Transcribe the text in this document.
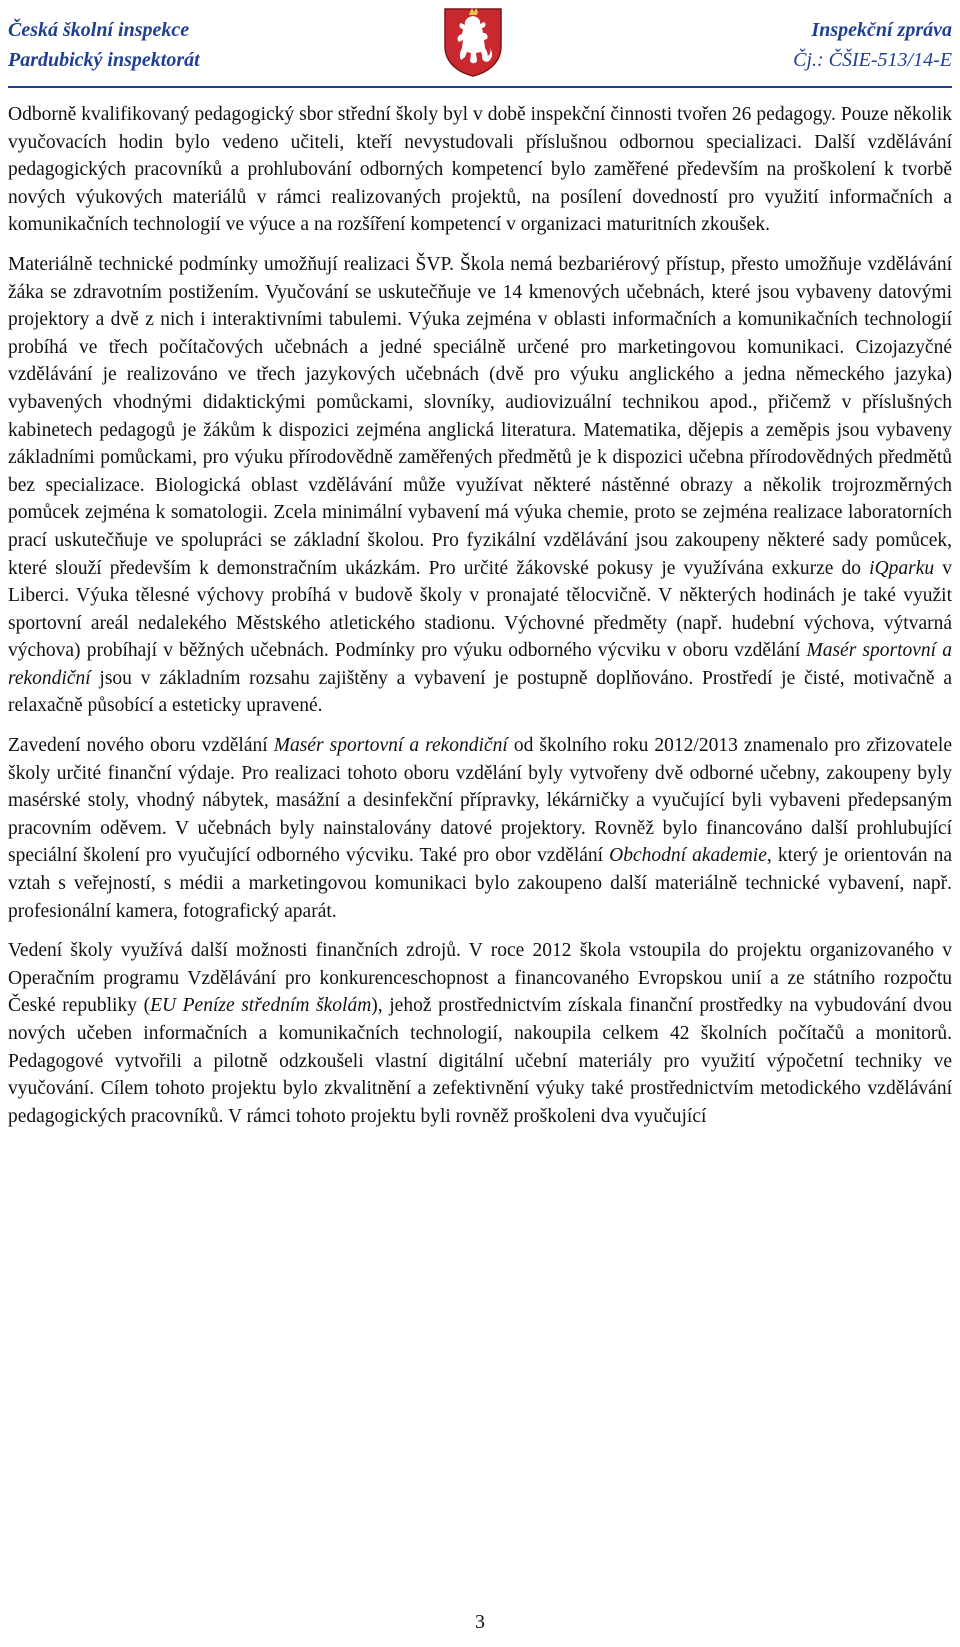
Česká školní inspekce
Pardubický inspektorát
Inspekční zpráva
Čj.: ČŠIE-513/14-E

Odborně kvalifikovaný pedagogický sbor střední školy byl v době inspekční činnosti tvořen 26 pedagogy. Pouze několik vyučovacích hodin bylo vedeno učiteli, kteří nevystudovali příslušnou odbornou specializaci. Další vzdělávání pedagogických pracovníků a prohlubování odborných kompetencí bylo zaměřené především na proškolení k tvorbě nových výukových materiálů v rámci realizovaných projektů, na posílení dovedností pro využití informačních a komunikačních technologií ve výuce a na rozšíření kompetencí v organizaci maturitních zkoušek.

Materiálně technické podmínky umožňují realizaci ŠVP. Škola nemá bezbariérový přístup, přesto umožňuje vzdělávání žáka se zdravotním postižením. Vyučování se uskutečňuje ve 14 kmenových učebnách, které jsou vybaveny datovými projektory a dvě z nich i interaktivními tabulemi. Výuka zejména v oblasti informačních a komunikačních technologií probíhá ve třech počítačových učebnách a jedné speciálně určené pro marketingovou komunikaci. Cizojazyčné vzdělávání je realizováno ve třech jazykových učebnách (dvě pro výuku anglického a jedna německého jazyka) vybavených vhodnými didaktickými pomůckami, slovníky, audiovizuální technikou apod., přičemž v příslušných kabinetech pedagogů je žákům k dispozici zejména anglická literatura. Matematika, dějepis a zeměpis jsou vybaveny základními pomůckami, pro výuku přírodovědně zaměřených předmětů je k dispozici učebna přírodovědných předmětů bez specializace. Biologická oblast vzdělávání může využívat některé nástěnné obrazy a několik trojrozměrných pomůcek zejména k somatologii. Zcela minimální vybavení má výuka chemie, proto se zejména realizace laboratorních prací uskutečňuje ve spolupráci se základní školou. Pro fyzikální vzdělávání jsou zakoupeny některé sady pomůcek, které slouží především k demonstračním ukázkám. Pro určité žákovské pokusy je využívána exkurze do iQparku v Liberci. Výuka tělesné výchovy probíhá v budově školy v pronajaté tělocvičně. V některých hodinách je také využit sportovní areál nedalekého Městského atletického stadionu. Výchovné předměty (např. hudební výchova, výtvarná výchova) probíhají v běžných učebnách. Podmínky pro výuku odborného výcviku v oboru vzdělání Masér sportovní a rekondiční jsou v základním rozsahu zajištěny a vybavení je postupně doplňováno. Prostředí je čisté, motivačně a relaxačně působící a esteticky upravené.

Zavedení nového oboru vzdělání Masér sportovní a rekondiční od školního roku 2012/2013 znamenalo pro zřizovatele školy určité finanční výdaje. Pro realizaci tohoto oboru vzdělání byly vytvořeny dvě odborné učebny, zakoupeny byly masérské stoly, vhodný nábytek, masážní a desinfekční přípravky, lékárničky a vyučující byli vybaveni předepsaným pracovním oděvem. V učebnách byly nainstalovány datové projektory. Rovněž bylo financováno další prohlubující speciální školení pro vyučující odborného výcviku. Také pro obor vzdělání Obchodní akademie, který je orientován na vztah s veřejností, s médii a marketingovou komunikaci bylo zakoupeno další materiálně technické vybavení, např. profesionální kamera, fotografický aparát.

Vedení školy využívá další možnosti finančních zdrojů. V roce 2012 škola vstoupila do projektu organizovaného v Operačním programu Vzdělávání pro konkurenceschopnost a financovaného Evropskou unií a ze státního rozpočtu České republiky (EU Peníze středním školám), jehož prostřednictvím získala finanční prostředky na vybudování dvou nových učeben informačních a komunikačních technologií, nakoupila celkem 42 školních počítačů a monitorů. Pedagogové vytvořili a pilotně odzkoušeli vlastní digitální učební materiály pro využití výpočetní techniky ve vyučování. Cílem tohoto projektu bylo zkvalitnění a zefektivnění výuky také prostřednictvím metodického vzdělávání pedagogických pracovníků. V rámci tohoto projektu byli rovněž proškoleni dva vyučující

3
